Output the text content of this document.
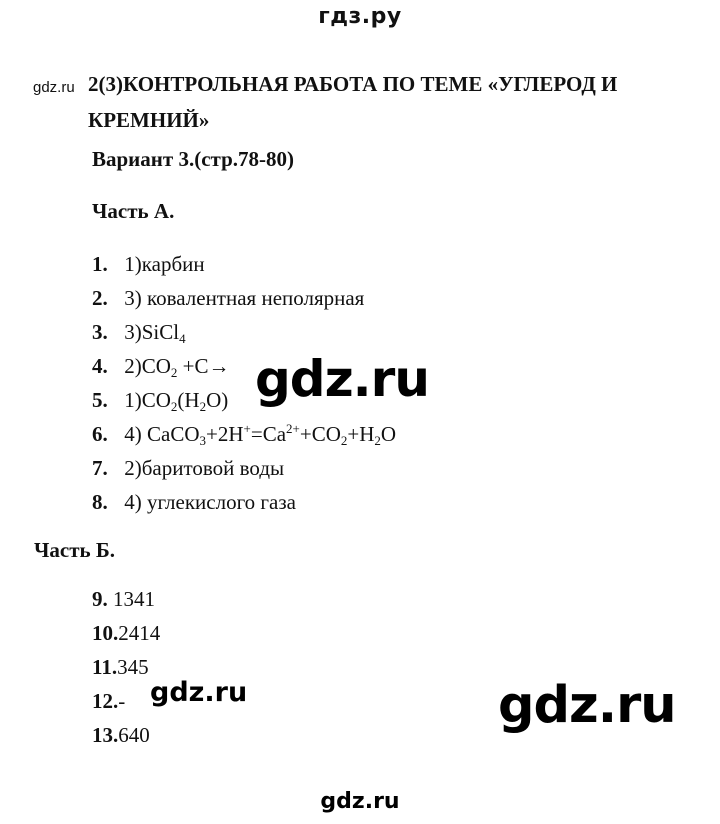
гдз.ру
gdz.ru 2(3)КОНТРОЛЬНАЯ РАБОТА ПО ТЕМЕ «УГЛЕРОД И КРЕМНИЙ»
Вариант 3.(стр.78-80)
Часть А.
1. 1)карбин
2. 3) ковалентная неполярная
3. 3)SiCl$_4$
4. $2)CO_2 +C\to$
5. $1)CO_2(H_2O)$
6. 4) $CaCO_3+2H^+=Ca^{2+}+CO_2+H_2O$
7. 2)баритовой воды
8. 4) углекислого газа
Часть Б.
9. 1341
10.2414
11.345
12.-
13.640
gdz.ru
gdz.ru	gdz.ru
gdz.ru
